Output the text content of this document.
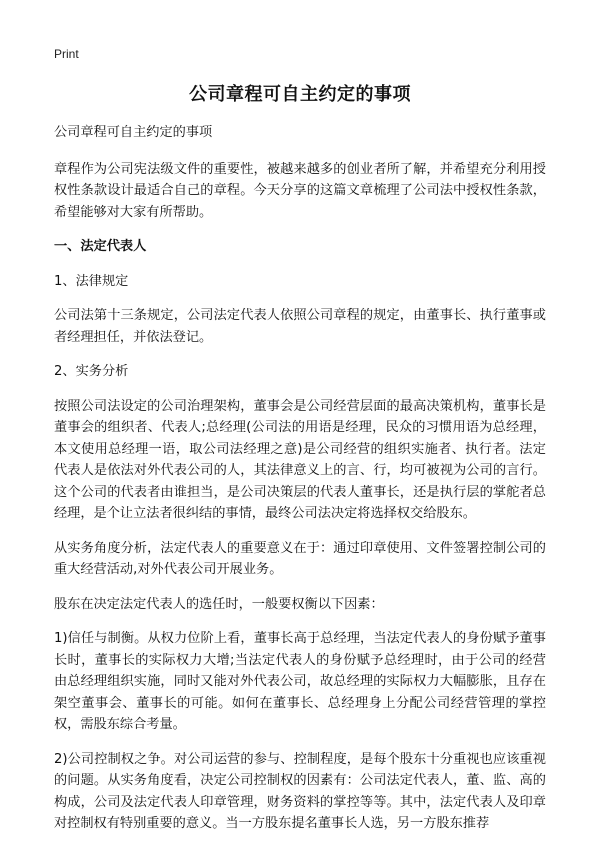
Print
公司章程可自主约定的事项

公司章程可自主约定的事项

章程作为公司宪法级文件的重要性，被越来越多的创业者所了解，并希望充分利用授权性条款设计最适合自己的章程。今天分享的这篇文章梳理了公司法中授权性条款，希望能够对大家有所帮助。

一、法定代表人

1、法律规定

公司法第十三条规定，公司法定代表人依照公司章程的规定，由董事长、执行董事或者经理担任，并依法登记。

2、实务分析

按照公司法设定的公司治理架构，董事会是公司经营层面的最高决策机构，董事长是董事会的组织者、代表人;总经理(公司法的用语是经理，民众的习惯用语为总经理，本文使用总经理一语，取公司法经理之意)是公司经营的组织实施者、执行者。法定代表人是依法对外代表公司的人，其法律意义上的言、行，均可被视为公司的言行。这个公司的代表者由谁担当，是公司决策层的代表人董事长，还是执行层的掌舵者总经理，是个让立法者很纠结的事情，最终公司法决定将选择权交给股东。

从实务角度分析，法定代表人的重要意义在于：通过印章使用、文件签署控制公司的重大经营活动,对外代表公司开展业务。

股东在决定法定代表人的选任时，一般要权衡以下因素：

1)信任与制衡。从权力位阶上看，董事长高于总经理，当法定代表人的身份赋予董事长时，董事长的实际权力大增;当法定代表人的身份赋予总经理时，由于公司的经营由总经理组织实施，同时又能对外代表公司，故总经理的实际权力大幅膨胀，且存在架空董事会、董事长的可能。如何在董事长、总经理身上分配公司经营管理的掌控权，需股东综合考量。

2)公司控制权之争。对公司运营的参与、控制程度，是每个股东十分重视也应该重视的问题。从实务角度看，决定公司控制权的因素有：公司法定代表人，董、监、高的构成，公司及法定代表人印章管理，财务资料的掌控等等。其中，法定代表人及印章对控制权有特别重要的意义。当一方股东提名董事长人选，另一方股东推荐
